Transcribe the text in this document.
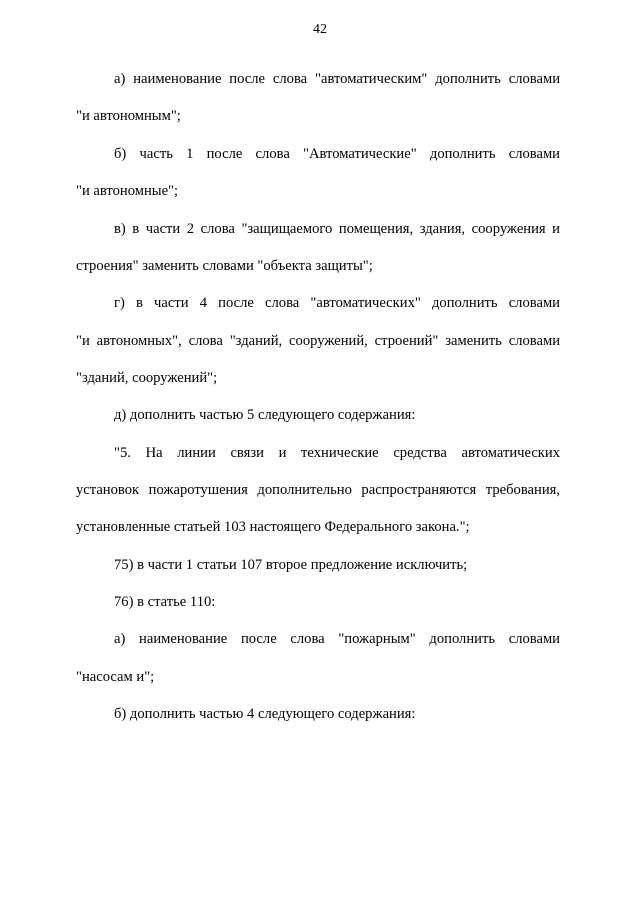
42
а) наименование после слова "автоматическим" дополнить словами
"и автономным";
б) часть 1 после слова "Автоматические" дополнить словами
"и автономные";
в) в части 2 слова "защищаемого помещения, здания, сооружения и
строения" заменить словами "объекта защиты";
г) в части 4 после слова "автоматических" дополнить словами
"и автономных", слова "зданий, сооружений, строений" заменить словами
"зданий, сооружений";
д) дополнить частью 5 следующего содержания:
"5. На линии связи и технические средства автоматических
установок пожаротушения дополнительно распространяются требования,
установленные статьей 103 настоящего Федерального закона.";
75) в части 1 статьи 107 второе предложение исключить;
76) в статье 110:
а) наименование после слова "пожарным" дополнить словами
"насосам и";
б) дополнить частью 4 следующего содержания:
